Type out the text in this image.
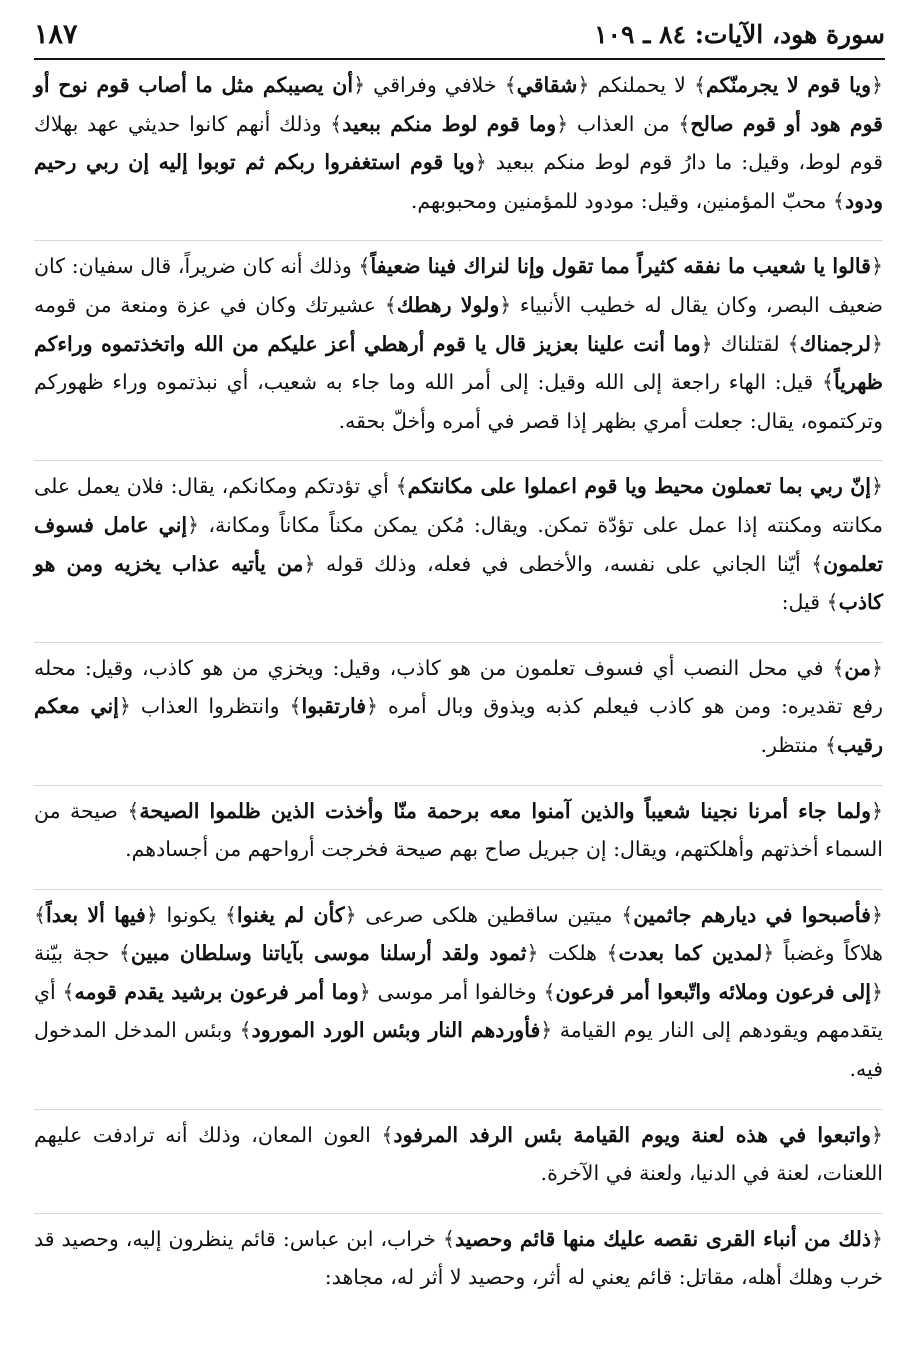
سورة هود، الآيات: ٨٤ ـ ١٠٩
١٨٧

﴿ويا قوم لا يجرمنّكم﴾ لا يحملنكم ﴿شقاقي﴾ خلافي وفراقي ﴿أن يصيبكم مثل ما أصاب قوم نوح أو قوم هود أو قوم صالح﴾ من العذاب ﴿وما قوم لوط منكم ببعيد﴾ وذلك أنهم كانوا حديثي عهد بهلاك قوم لوط، وقيل: ما دارُ قوم لوط منكم ببعيد ﴿ويا قوم استغفروا ربكم ثم توبوا إليه إن ربي رحيم ودود﴾ محبّ المؤمنين، وقيل: مودود للمؤمنين ومحبوبهم.

﴿قالوا يا شعيب ما نفقه كثيراً مما تقول وإنا لنراك فينا ضعيفاً﴾ وذلك أنه كان ضريراً، قال سفيان: كان ضعيف البصر، وكان يقال له خطيب الأنبياء ﴿ولولا رهطك﴾ عشيرتك وكان في عزة ومنعة من قومه ﴿لرجمناك﴾ لقتلناك ﴿وما أنت علينا بعزيز قال يا قوم أرهطي أعز عليكم من الله واتخذتموه وراءكم ظهرياً﴾ قيل: الهاء راجعة إلى الله وقيل: إلى أمر الله وما جاء به شعيب، أي نبذتموه وراء ظهوركم وتركتموه، يقال: جعلت أمري بظهر إذا قصر في أمره وأخلّ بحقه.

﴿إنّ ربي بما تعملون محيط ويا قوم اعملوا على مكانتكم﴾ أي تؤدتكم ومكانكم، يقال: فلان يعمل على مكانته ومكنته إذا عمل على تؤدّة تمكن. ويقال: مُكن يمكن مكناً مكاناً ومكانة، ﴿إني عامل فسوف تعلمون﴾ أيّنا الجاني على نفسه، والأخطى في فعله، وذلك قوله ﴿من يأتيه عذاب يخزيه ومن هو كاذب﴾ قيل:

﴿من﴾ في محل النصب أي فسوف تعلمون من هو كاذب، وقيل: ويخزي من هو كاذب، وقيل: محله رفع تقديره: ومن هو كاذب فيعلم كذبه ويذوق وبال أمره ﴿فارتقبوا﴾ وانتظروا العذاب ﴿إني معكم رقيب﴾ منتظر.

﴿ولما جاء أمرنا نجينا شعيباً والذين آمنوا معه برحمة منّا وأخذت الذين ظلموا الصيحة﴾ صيحة من السماء أخذتهم وأهلكتهم، ويقال: إن جبريل صاح بهم صيحة فخرجت أرواحهم من أجسادهم.

﴿فأصبحوا في ديارهم جاثمين﴾ ميتين ساقطين هلكى صرعى ﴿كأن لم يغنوا﴾ يكونوا ﴿فيها ألا بعداً﴾ هلاكاً وغضباً ﴿لمدين كما بعدت﴾ هلكت ﴿ثمود ولقد أرسلنا موسى بآياتنا وسلطان مبين﴾ حجة بيّنة ﴿إلى فرعون وملائه واتّبعوا أمر فرعون﴾ وخالفوا أمر موسى ﴿وما أمر فرعون برشيد يقدم قومه﴾ أي يتقدمهم ويقودهم إلى النار يوم القيامة ﴿فأوردهم النار وبئس الورد المورود﴾ وبئس المدخل المدخول فيه.

﴿واتبعوا في هذه لعنة ويوم القيامة بئس الرفد المرفود﴾ العون المعان، وذلك أنه ترادفت عليهم اللعنات، لعنة في الدنيا، ولعنة في الآخرة.

﴿ذلك من أنباء القرى نقصه عليك منها قائم وحصيد﴾ خراب، ابن عباس: قائم ينظرون إليه، وحصيد قد خرب وهلك أهله، مقاتل: قائم يعني له أثر، وحصيد لا أثر له، مجاهد:
